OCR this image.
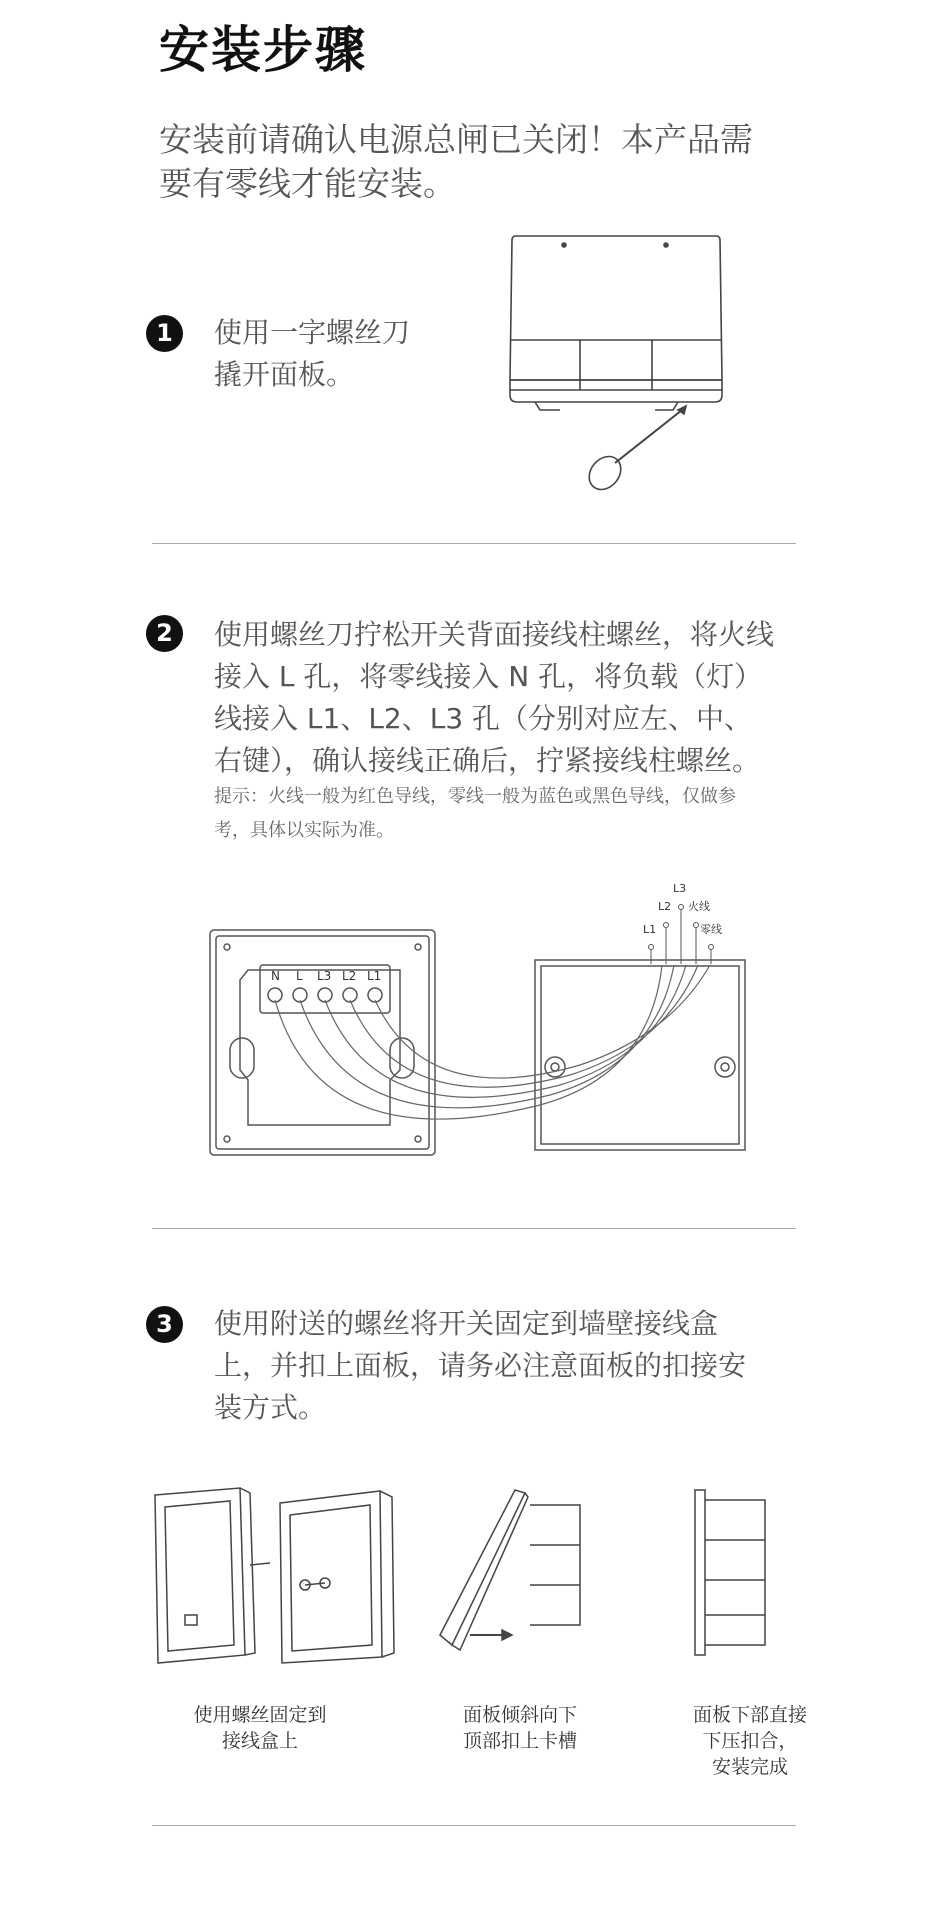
安装步骤
安装前请确认电源总闸已关闭！本产品需
要有零线才能安装。
1	使用一字螺丝刀
撬开面板。
2	使用螺丝刀拧松开关背面接线柱螺丝，将火线
接入 L 孔，将零线接入 N 孔，将负载（灯）
线接入 L1、L2、L3 孔（分别对应左、中、
右键），确认接线正确后，拧紧接线柱螺丝。
提示：火线一般为红色导线，零线一般为蓝色或黑色导线，仅做参
考，具体以实际为准。
N L L3 L2 L1
L3
L2
L1
火线
零线
3	使用附送的螺丝将开关固定到墙壁接线盒
上，并扣上面板，请务必注意面板的扣接安
装方式。
使用螺丝固定到
接线盒上
面板倾斜向下
顶部扣上卡槽
面板下部直接
下压扣合，
安装完成
